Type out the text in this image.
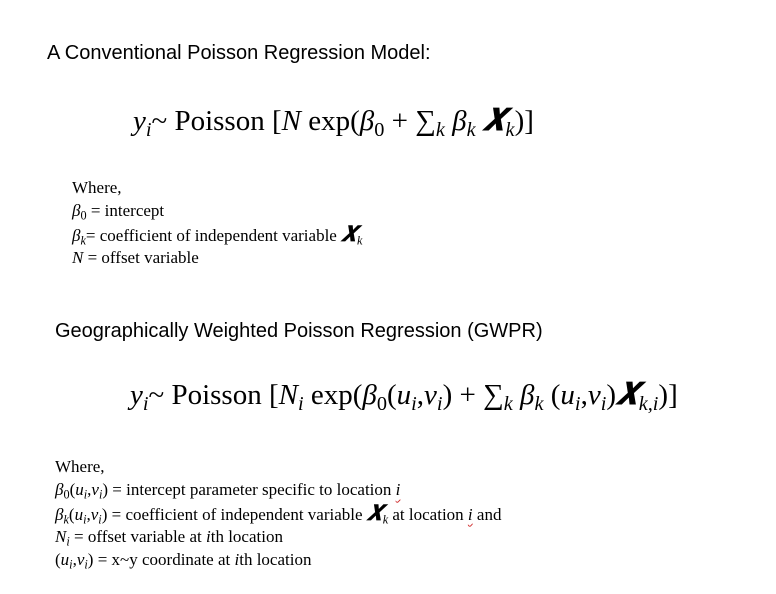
A Conventional Poisson Regression Model:
$y_i\sim$ Poisson [N $\exp(\beta_0 + \sum_k$ $\beta_k$ 𝑿$_k$)]
Where,
$\beta_0$ = intercept
$\beta_k=$ coefficient of independent variable 𝑿$_k$
N = offset variable
Geographically Weighted Poisson Regression (GWPR)
$y_i\sim$ Poisson [$N_i$ $\exp(\beta_0(u_i,v_i) + \sum_k$ $\beta_k$ $(u_i,v_i)𝑿_{k,i}$)]
Where,
$\beta_0(u_i,v_i)$ = intercept parameter specific to location i
$\beta_k(u_i,v_i)$ = coefficient of independent variable 𝑿$_k$ at location i and
$N_i$ = offset variable at ith location
$(u_i,v_i)$ = x~y coordinate at ith location
